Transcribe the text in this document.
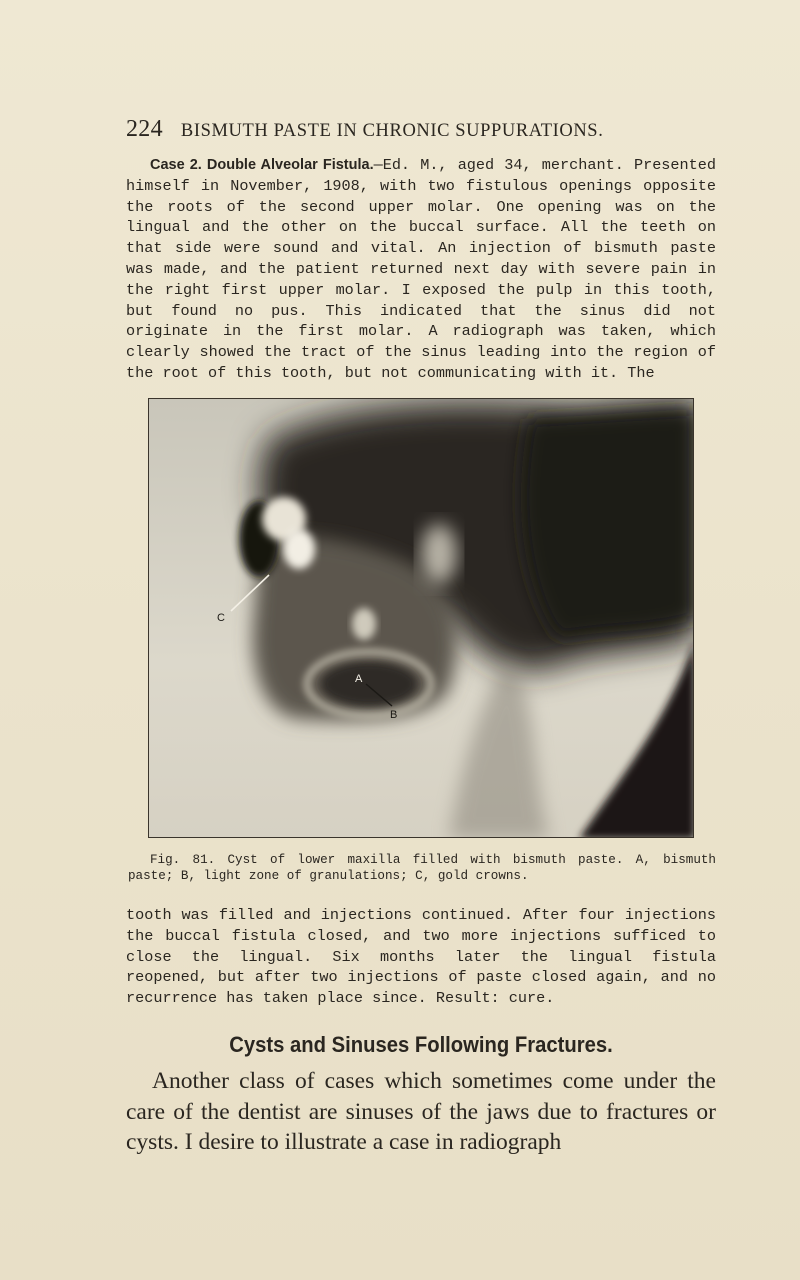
224 BISMUTH PASTE IN CHRONIC SUPPURATIONS.

Case 2. Double Alveolar Fistula.—Ed. M., aged 34, merchant. Presented himself in November, 1908, with two fistulous openings opposite the roots of the second upper molar. One opening was on the lingual and the other on the buccal surface. All the teeth on that side were sound and vital. An injection of bismuth paste was made, and the patient returned next day with severe pain in the right first upper molar. I exposed the pulp in this tooth, but found no pus. This indicated that the sinus did not originate in the first molar. A radiograph was taken, which clearly showed the tract of the sinus leading into the region of the root of this tooth, but not communicating with it. The

C
A
B

Fig. 81. Cyst of lower maxilla filled with bismuth paste. A, bismuth paste; B, light zone of granulations; C, gold crowns.

tooth was filled and injections continued. After four injections the buccal fistula closed, and two more injections sufficed to close the lingual. Six months later the lingual fistula reopened, but after two injections of paste closed again, and no recurrence has taken place since. Result: cure.

Cysts and Sinuses Following Fractures.

Another class of cases which sometimes come under the care of the dentist are sinuses of the jaws due to fractures or cysts. I desire to illustrate a case in radiograph
